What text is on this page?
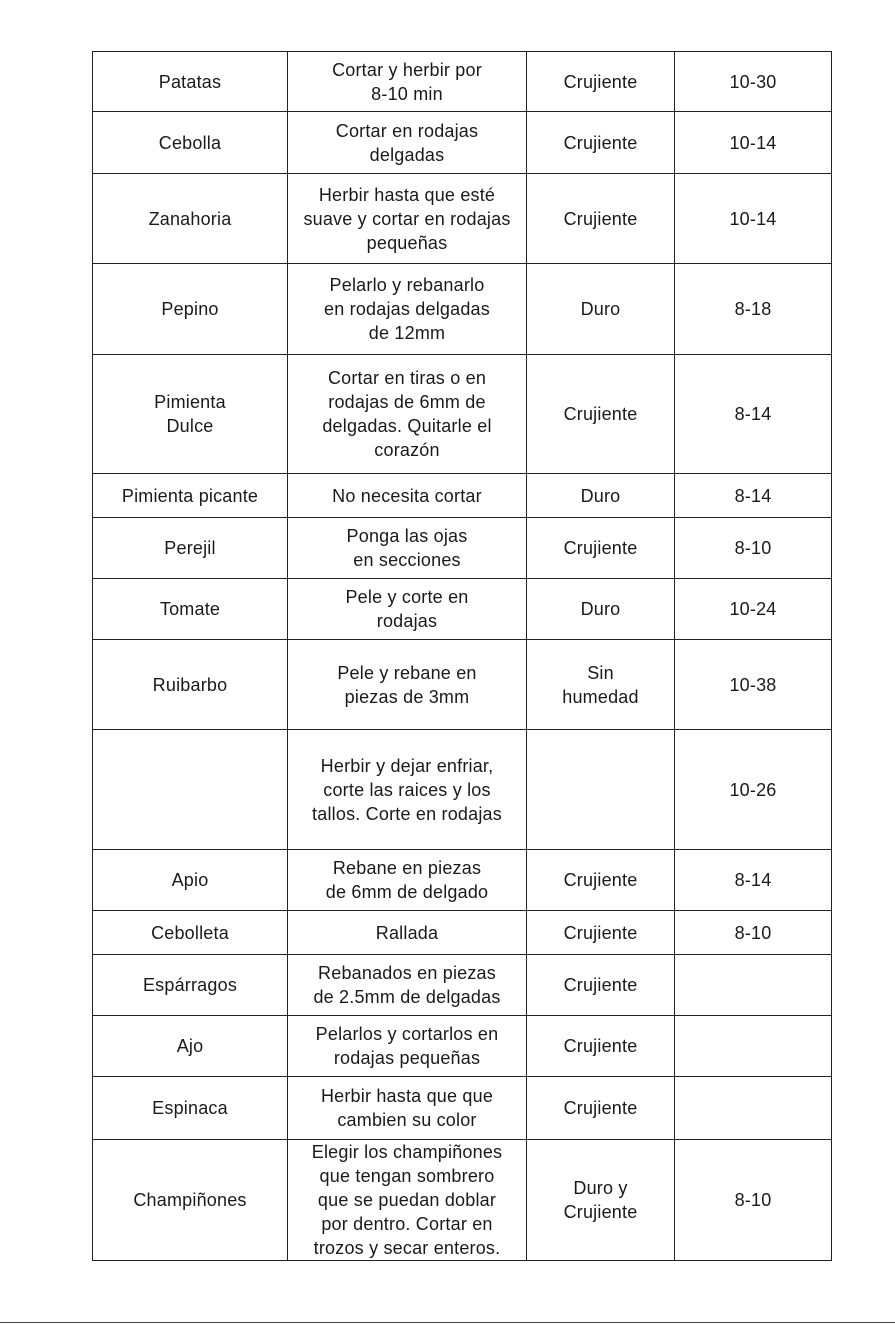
Patatas	Cortar y herbir por
8-10 min	Crujiente	10-30
Cebolla	Cortar en rodajas
delgadas	Crujiente	10-14
Zanahoria	Herbir hasta que esté
suave y cortar en rodajas
pequeñas	Crujiente	10-14
Pepino	Pelarlo y rebanarlo
en rodajas delgadas
de 12mm	Duro	8-18
Pimienta
Dulce	Cortar en tiras o en
rodajas de 6mm de
delgadas. Quitarle el
corazón	Crujiente	8-14
Pimienta picante	No necesita cortar	Duro	8-14
Perejil	Ponga las ojas
en secciones	Crujiente	8-10
Tomate	Pele y corte en
rodajas	Duro	10-24
Ruibarbo	Pele y rebane en
piezas de 3mm	Sin
humedad	10-38
	Herbir y dejar enfriar,
corte las raices y los
tallos. Corte en rodajas		10-26
Apio	Rebane en piezas
de 6mm de delgado	Crujiente	8-14
Cebolleta	Rallada	Crujiente	8-10
Espárragos	Rebanados en piezas
de 2.5mm de delgadas	Crujiente	
Ajo	Pelarlos y cortarlos en
rodajas pequeñas	Crujiente	
Espinaca	Herbir hasta que que
cambien su color	Crujiente	
Champiñones	Elegir los champiñones
que tengan sombrero
que se puedan doblar
por dentro. Cortar en
trozos y secar enteros.	Duro y
Crujiente	8-10
